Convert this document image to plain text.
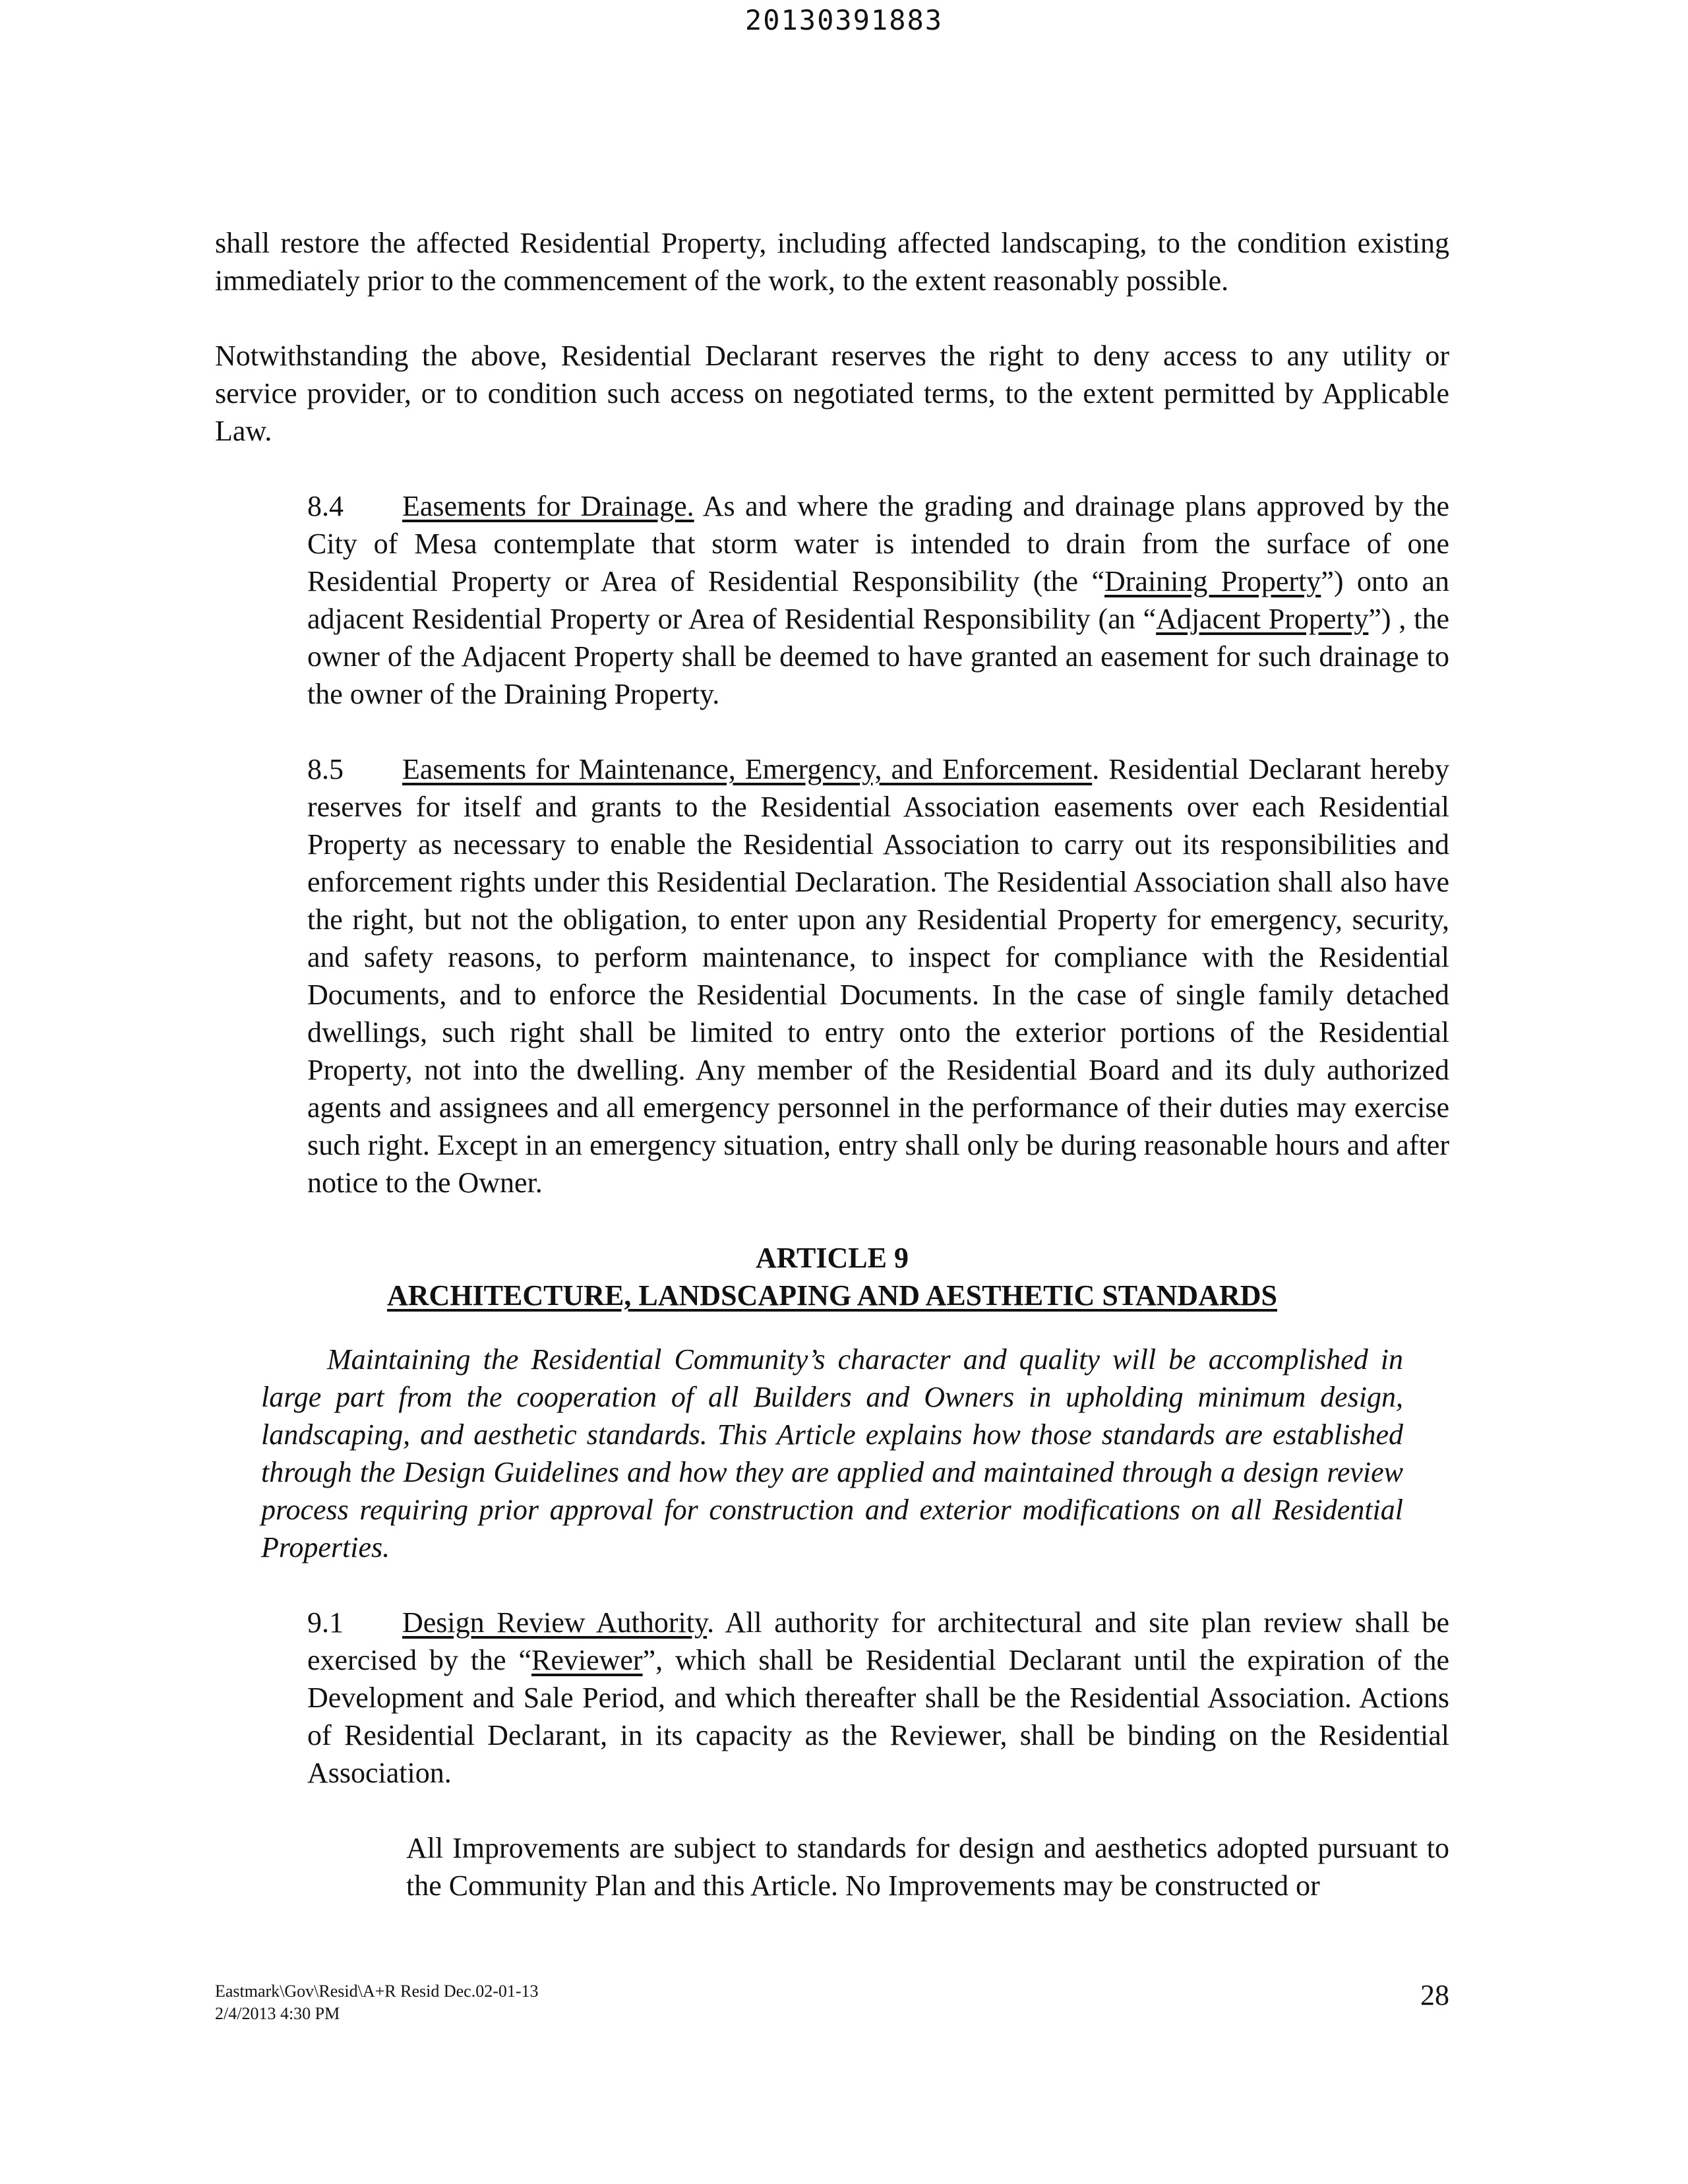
20130391883

shall restore the affected Residential Property, including affected landscaping, to the condition existing immediately prior to the commencement of the work, to the extent reasonably possible.

Notwithstanding the above, Residential Declarant reserves the right to deny access to any utility or service provider, or to condition such access on negotiated terms, to the extent permitted by Applicable Law.

8.4 Easements for Drainage. As and where the grading and drainage plans approved by the City of Mesa contemplate that storm water is intended to drain from the surface of one Residential Property or Area of Residential Responsibility (the “Draining Property”) onto an adjacent Residential Property or Area of Residential Responsibility (an “Adjacent Property”) , the owner of the Adjacent Property shall be deemed to have granted an easement for such drainage to the owner of the Draining Property.

8.5 Easements for Maintenance, Emergency, and Enforcement. Residential Declarant hereby reserves for itself and grants to the Residential Association easements over each Residential Property as necessary to enable the Residential Association to carry out its responsibilities and enforcement rights under this Residential Declaration. The Residential Association shall also have the right, but not the obligation, to enter upon any Residential Property for emergency, security, and safety reasons, to perform maintenance, to inspect for compliance with the Residential Documents, and to enforce the Residential Documents. In the case of single family detached dwellings, such right shall be limited to entry onto the exterior portions of the Residential Property, not into the dwelling. Any member of the Residential Board and its duly authorized agents and assignees and all emergency personnel in the performance of their duties may exercise such right. Except in an emergency situation, entry shall only be during reasonable hours and after notice to the Owner.

ARTICLE 9
ARCHITECTURE, LANDSCAPING AND AESTHETIC STANDARDS

Maintaining the Residential Community’s character and quality will be accomplished in large part from the cooperation of all Builders and Owners in upholding minimum design, landscaping, and aesthetic standards. This Article explains how those standards are established through the Design Guidelines and how they are applied and maintained through a design review process requiring prior approval for construction and exterior modifications on all Residential Properties.

9.1 Design Review Authority. All authority for architectural and site plan review shall be exercised by the “Reviewer”, which shall be Residential Declarant until the expiration of the Development and Sale Period, and which thereafter shall be the Residential Association. Actions of Residential Declarant, in its capacity as the Reviewer, shall be binding on the Residential Association.

All Improvements are subject to standards for design and aesthetics adopted pursuant to the Community Plan and this Article. No Improvements may be constructed or

Eastmark\Gov\Resid\A+R Resid Dec.02-01-13
2/4/2013 4:30 PM
28
